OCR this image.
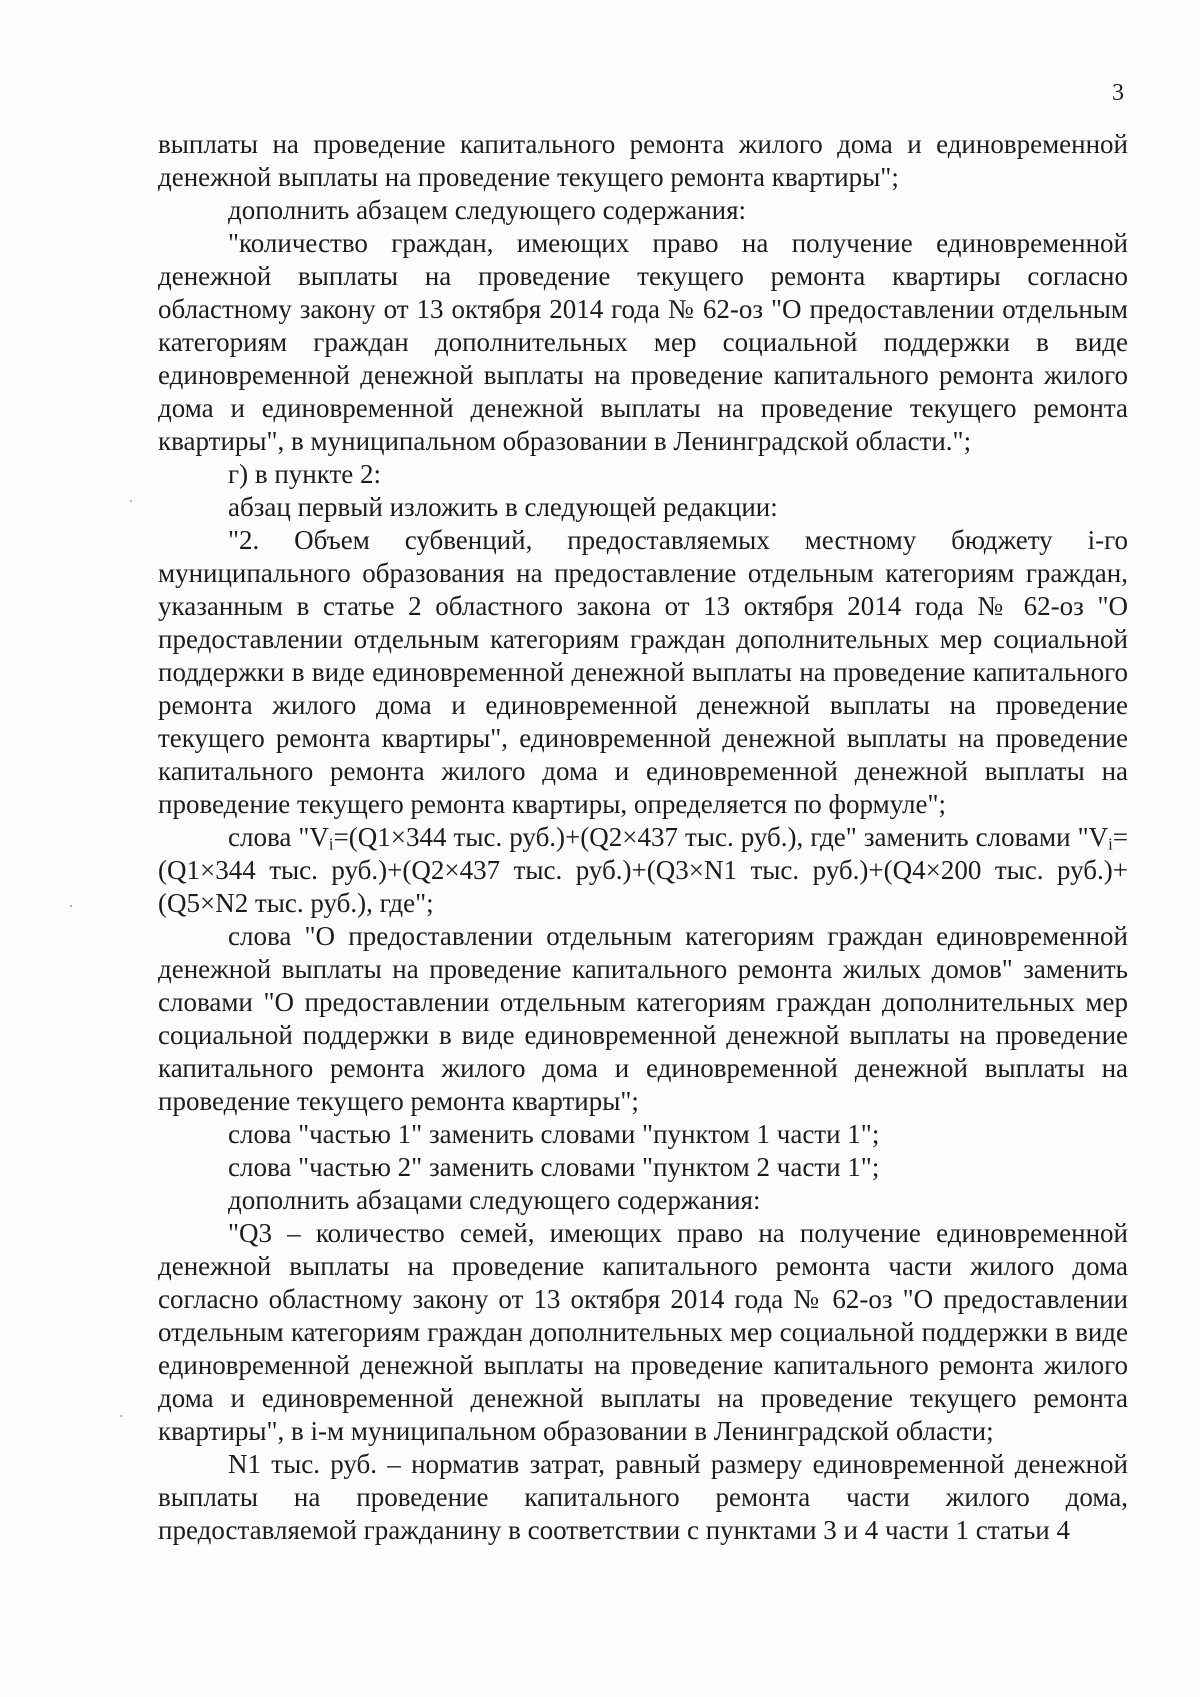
3

выплаты на проведение капитального ремонта жилого дома и единовременной денежной выплаты на проведение текущего ремонта квартиры";

дополнить абзацем следующего содержания:

"количество граждан, имеющих право на получение единовременной денежной выплаты на проведение текущего ремонта квартиры согласно областному закону от 13 октября 2014 года № 62-оз "О предоставлении отдельным категориям граждан дополнительных мер социальной поддержки в виде единовременной денежной выплаты на проведение капитального ремонта жилого дома и единовременной денежной выплаты на проведение текущего ремонта квартиры", в муниципальном образовании в Ленинградской области.";

г) в пункте 2:

абзац первый изложить в следующей редакции:

"2. Объем субвенций, предоставляемых местному бюджету i-го муниципального образования на предоставление отдельным категориям граждан, указанным в статье 2 областного закона от 13 октября 2014 года № 62-оз "О предоставлении отдельным категориям граждан дополнительных мер социальной поддержки в виде единовременной денежной выплаты на проведение капитального ремонта жилого дома и единовременной денежной выплаты на проведение текущего ремонта квартиры", единовременной денежной выплаты на проведение капитального ремонта жилого дома и единовременной денежной выплаты на проведение текущего ремонта квартиры, определяется по формуле";

слова "$V_i=(Q1\times 344$ тыс. руб.)+(Q2×437 тыс. руб.), где" заменить словами "$V_i=(Q1\times 344$ тыс. руб.)+(Q2×437 тыс. руб.)+(Q3×N1 тыс. руб.)+(Q4×200 тыс. руб.)+(Q5×N2 тыс. руб.), где";

слова "О предоставлении отдельным категориям граждан единовременной денежной выплаты на проведение капитального ремонта жилых домов" заменить словами "О предоставлении отдельным категориям граждан дополнительных мер социальной поддержки в виде единовременной денежной выплаты на проведение капитального ремонта жилого дома и единовременной денежной выплаты на проведение текущего ремонта квартиры";

слова "частью 1" заменить словами "пунктом 1 части 1";

слова "частью 2" заменить словами "пунктом 2 части 1";

дополнить абзацами следующего содержания:

"Q3 – количество семей, имеющих право на получение единовременной денежной выплаты на проведение капитального ремонта части жилого дома согласно областному закону от 13 октября 2014 года № 62-оз "О предоставлении отдельным категориям граждан дополнительных мер социальной поддержки в виде единовременной денежной выплаты на проведение капитального ремонта жилого дома и единовременной денежной выплаты на проведение текущего ремонта квартиры", в i-м муниципальном образовании в Ленинградской области;

N1 тыс. руб. – норматив затрат, равный размеру единовременной денежной выплаты на проведение капитального ремонта части жилого дома, предоставляемой гражданину в соответствии с пунктами 3 и 4 части 1 статьи 4
